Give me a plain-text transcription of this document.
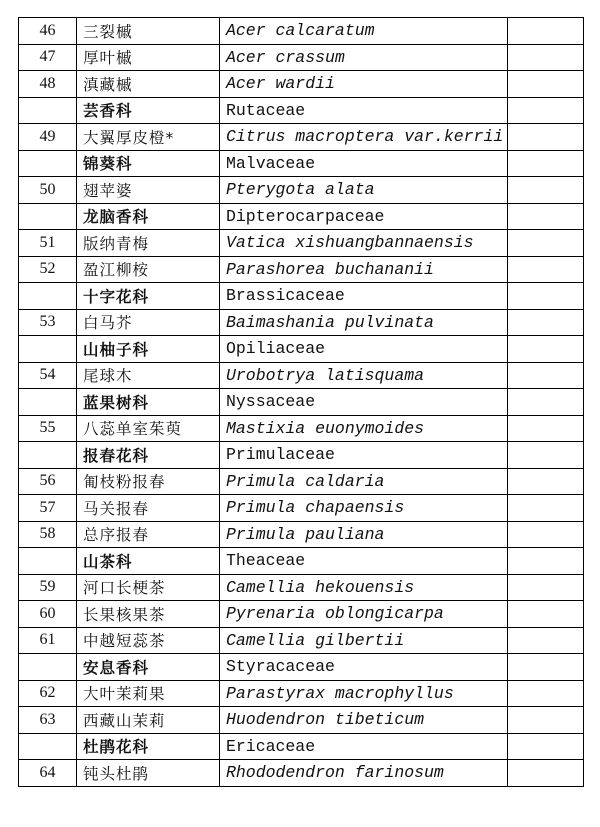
46	三裂槭	Acer calcaratum	
47	厚叶槭	Acer crassum	
48	滇藏槭	Acer wardii	
	芸香科	Rutaceae	
49	大翼厚皮橙*	Citrus macroptera var.kerrii	
	锦葵科	Malvaceae	
50	翅苹婆	Pterygota alata	
	龙脑香科	Dipterocarpaceae	
51	版纳青梅	Vatica xishuangbannaensis	
52	盈江柳桉	Parashorea buchananii	
	十字花科	Brassicaceae	
53	白马芥	Baimashania pulvinata	
	山柚子科	Opiliaceae	
54	尾球木	Urobotrya latisquama	
	蓝果树科	Nyssaceae	
55	八蕊单室茱萸	Mastixia euonymoides	
	报春花科	Primulaceae	
56	匍枝粉报春	Primula caldaria	
57	马关报春	Primula chapaensis	
58	总序报春	Primula pauliana	
	山茶科	Theaceae	
59	河口长梗茶	Camellia hekouensis	
60	长果核果茶	Pyrenaria oblongicarpa	
61	中越短蕊茶	Camellia gilbertii	
	安息香科	Styracaceae	
62	大叶茉莉果	Parastyrax macrophyllus	
63	西藏山茉莉	Huodendron tibeticum	
	杜鹃花科	Ericaceae	
64	钝头杜鹃	Rhododendron farinosum	
